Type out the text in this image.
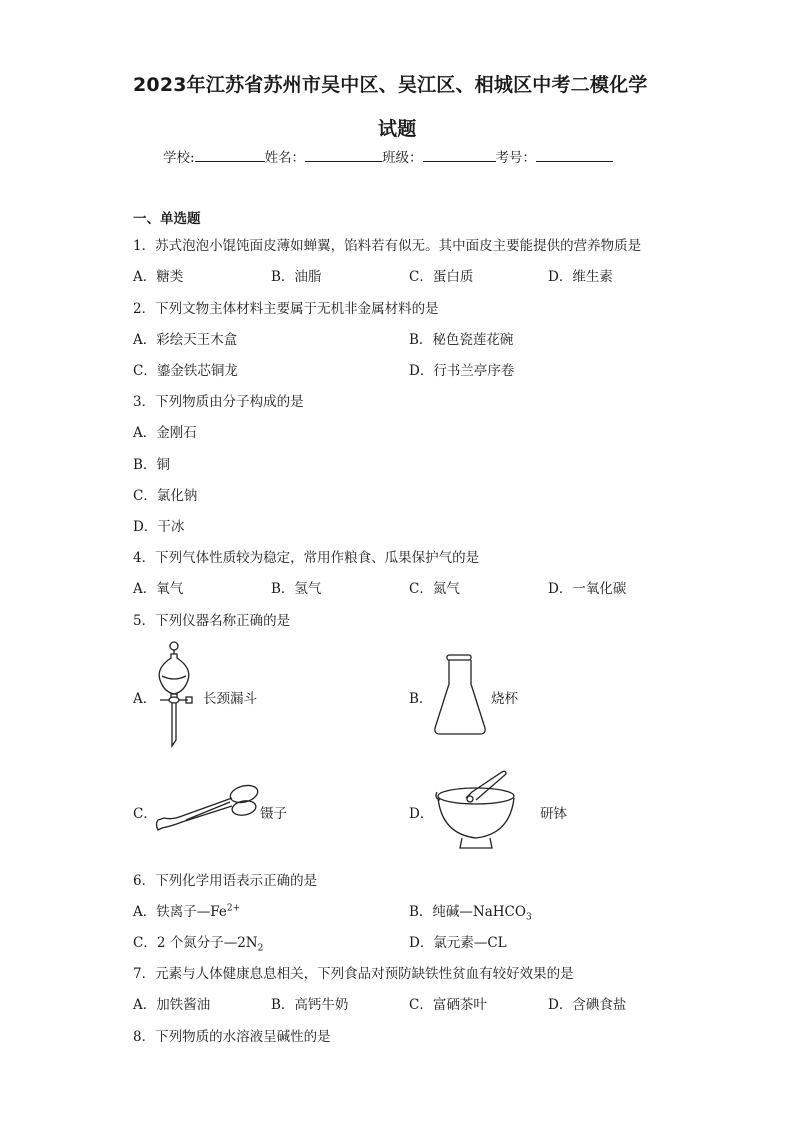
2023年江苏省苏州市吴中区、吴江区、相城区中考二模化学
试题
学校:	姓名：	班级：	考号：
一、单选题
1．苏式泡泡小馄饨面皮薄如蝉翼，馅料若有似无。其中面皮主要能提供的营养物质是
A．糖类	B．油脂	C．蛋白质	D．维生素
2．下列文物主体材料主要属于无机非金属材料的是
A．彩绘天王木盒	B．秘色瓷莲花碗
C．鎏金铁芯铜龙	D．行书兰亭序卷
3．下列物质由分子构成的是
A．金刚石
B．铜
C．氯化钠
D．干冰
4．下列气体性质较为稳定，常用作粮食、瓜果保护气的是
A．氧气	B．氢气	C．氮气	D．一氧化碳
5．下列仪器名称正确的是
A．	长颈漏斗	B．	烧杯
C．	镊子	D．	研钵
6．下列化学用语表示正确的是
A．铁离子$—Fe^{2+}$	B．纯碱—NaHCO$_3$
C．2 个氮分子$—2N_2$	D．氯元素—CL
7．元素与人体健康息息相关，下列食品对预防缺铁性贫血有较好效果的是
A．加铁酱油	B．高钙牛奶	C．富硒茶叶	D．含碘食盐
8．下列物质的水溶液呈碱性的是
